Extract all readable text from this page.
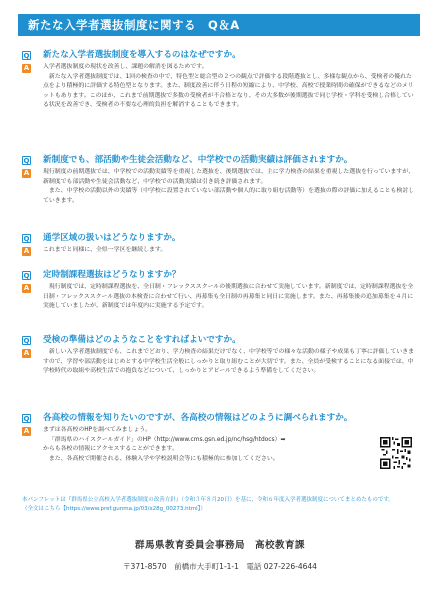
新たな入学者選抜制度に関する　Q＆A
Q 新たな入学者選抜制度を導入するのはなぜですか。
A	入学者選抜制度の現状を改善し、課題の解消を図るためです。

新たな入学者選抜制度では、1回の検査の中で、特色型と総合型の２つの観点で評価する段階選抜とし、多様な観点から、受検者の優れた点をより積極的に評価する特色型となります。また、制度改善に伴う日程の短縮により、中学校、高校で授業時間の確保ができるなどのメリットもあります。このほか、これまで前期選抜で多数の受検者が不合格となり、その大多数が後期選抜で同じ学校・学科を受検し合格している状況を改善でき、受検者の不要な心理的負担を解消することもできます。

Q 新制度でも、部活動や生徒会活動など、中学校での活動実績は評価されますか。
A	現行制度の前期選抜では、中学校での活動実績等を重視した選抜を、後期選抜では、主に学力検査の結果を重視した選抜を行っていますが、新制度でも部活動や生徒会活動など、中学校での活動実績は引き続き評価されます。

また、中学校の活動以外の実績等（中学校に設置されていない部活動や個人的に取り組む活動等）を選抜の際の評価に加えることも検討していきます。

Q 通学区域の扱いはどうなりますか。
A	これまでと同様に、全県一学区を継続します。

Q 定時制課程選抜はどうなりますか？
A	現行制度では、定時制課程選抜を、全日制・フレックススクールの後期選抜に合わせて実施しています。新制度では、定時制課程選抜を全日制・フレックススクール選抜の本検査に合わせて行い、再募集も全日制の再募集と同日に実施します。また、再募集後の追加募集を４月に実施していましたが、新制度では年度内に実施する予定です。

Q 受検の準備はどのようなことをすればよいですか。
A	新しい入学者選抜制度でも、これまでどおり、学力検査の結果だけでなく、中学校等での様々な活動の様子や成果も丁寧に評価していきますので、学習や部活動をはじめとする中学校生活全般にしっかりと取り組むことが大切です。また、全員が受検することになる面接では、中学校時代の取組や高校生活での抱負などについて、しっかりとアピールできるよう準備をしてください。

Q 各高校の情報を知りたいのですが、各高校の情報はどのように調べられますか。
A	まずは各高校のHPを調べてみましょう。

「群馬県のハイスクールガイド」のHP（http://www.cms.gsn.ed.jp/nc/hsg/htdocs）➡

からも各校の情報にアクセスすることができます。

また、各高校で開催される、体験入学や学校説明会等にも積極的に参加してください。

本パンフレットは『群馬県公立高校入学者選抜制度の改善方針』（令和３年８月20日）を基に、令和６年度入学者選抜制度についてまとめたものです。

（全文はこちら【https://www.pref.gunma.jp/03/x28g_00273.html】）

群馬県教育委員会事務局　高校教育課
〒371-8570　前橋市大手町1-1-1　電話 027-226-4644
